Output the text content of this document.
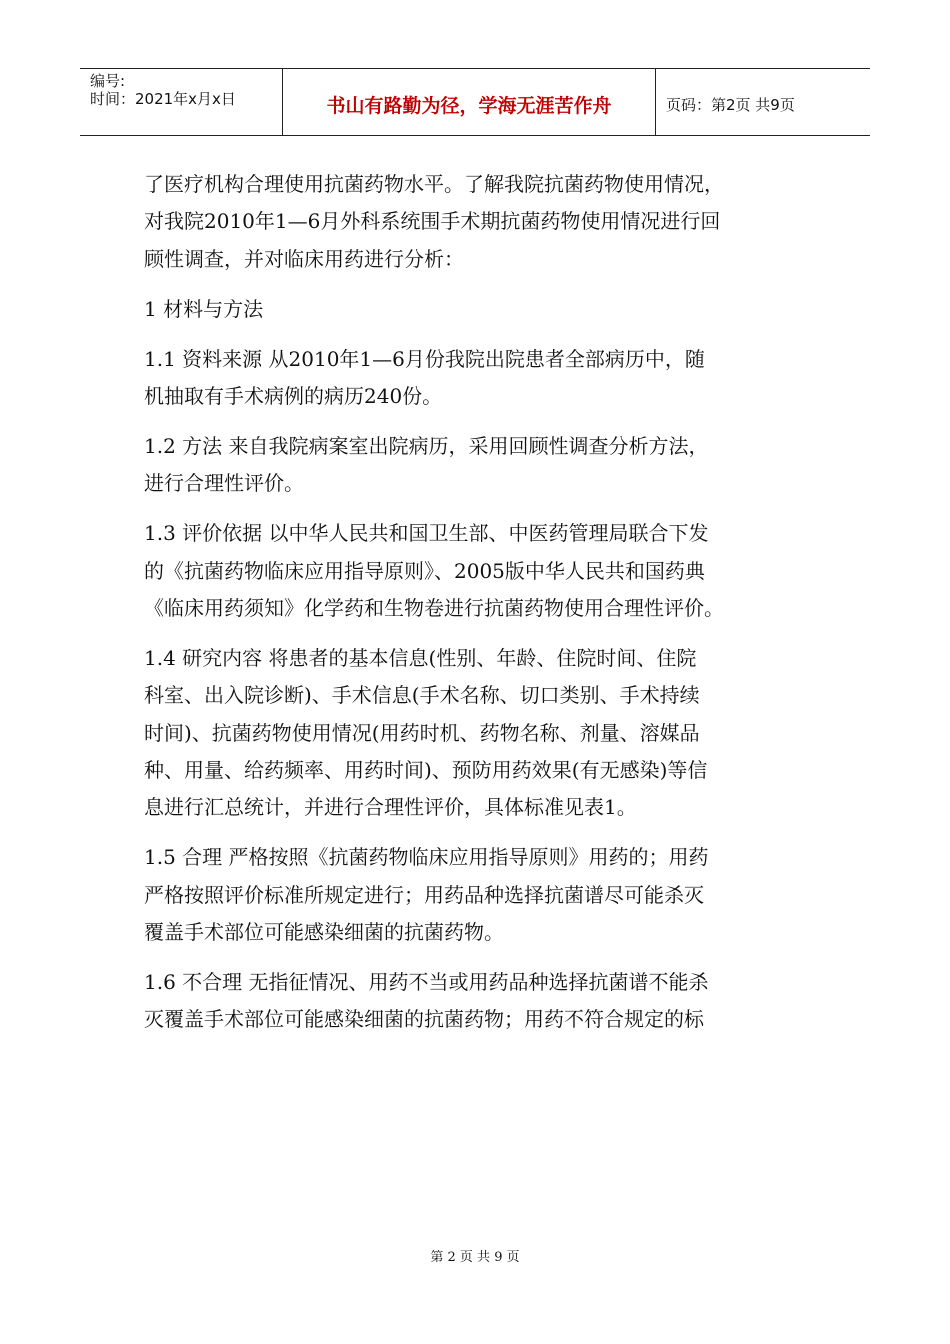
编号:
时间：2021年x月x日	书山有路勤为径，学海无涯苦作舟	页码：第2页 共9页
了医疗机构合理使用抗菌药物水平。了解我院抗菌药物使用情况，
对我院2010年1—6月外科系统围手术期抗菌药物使用情况进行回
顾性调查，并对临床用药进行分析：
1 材料与方法
1.1 资料来源 从2010年1—6月份我院出院患者全部病历中，随
机抽取有手术病例的病历240份。
1.2 方法 来自我院病案室出院病历，采用回顾性调查分析方法，
进行合理性评价。
1.3 评价依据 以中华人民共和国卫生部、中医药管理局联合下发
的《抗菌药物临床应用指导原则》、2005版中华人民共和国药典
《临床用药须知》化学药和生物卷进行抗菌药物使用合理性评价。
1.4 研究内容 将患者的基本信息(性别、年龄、住院时间、住院
科室、出入院诊断)、手术信息(手术名称、切口类别、手术持续
时间)、抗菌药物使用情况(用药时机、药物名称、剂量、溶媒品
种、用量、给药频率、用药时间)、预防用药效果(有无感染)等信
息进行汇总统计，并进行合理性评价，具体标准见表1。
1.5 合理 严格按照《抗菌药物临床应用指导原则》用药的；用药
严格按照评价标准所规定进行；用药品种选择抗菌谱尽可能杀灭
覆盖手术部位可能感染细菌的抗菌药物。
1.6 不合理 无指征情况、用药不当或用药品种选择抗菌谱不能杀
灭覆盖手术部位可能感染细菌的抗菌药物；用药不符合规定的标
第 2 页 共 9 页
